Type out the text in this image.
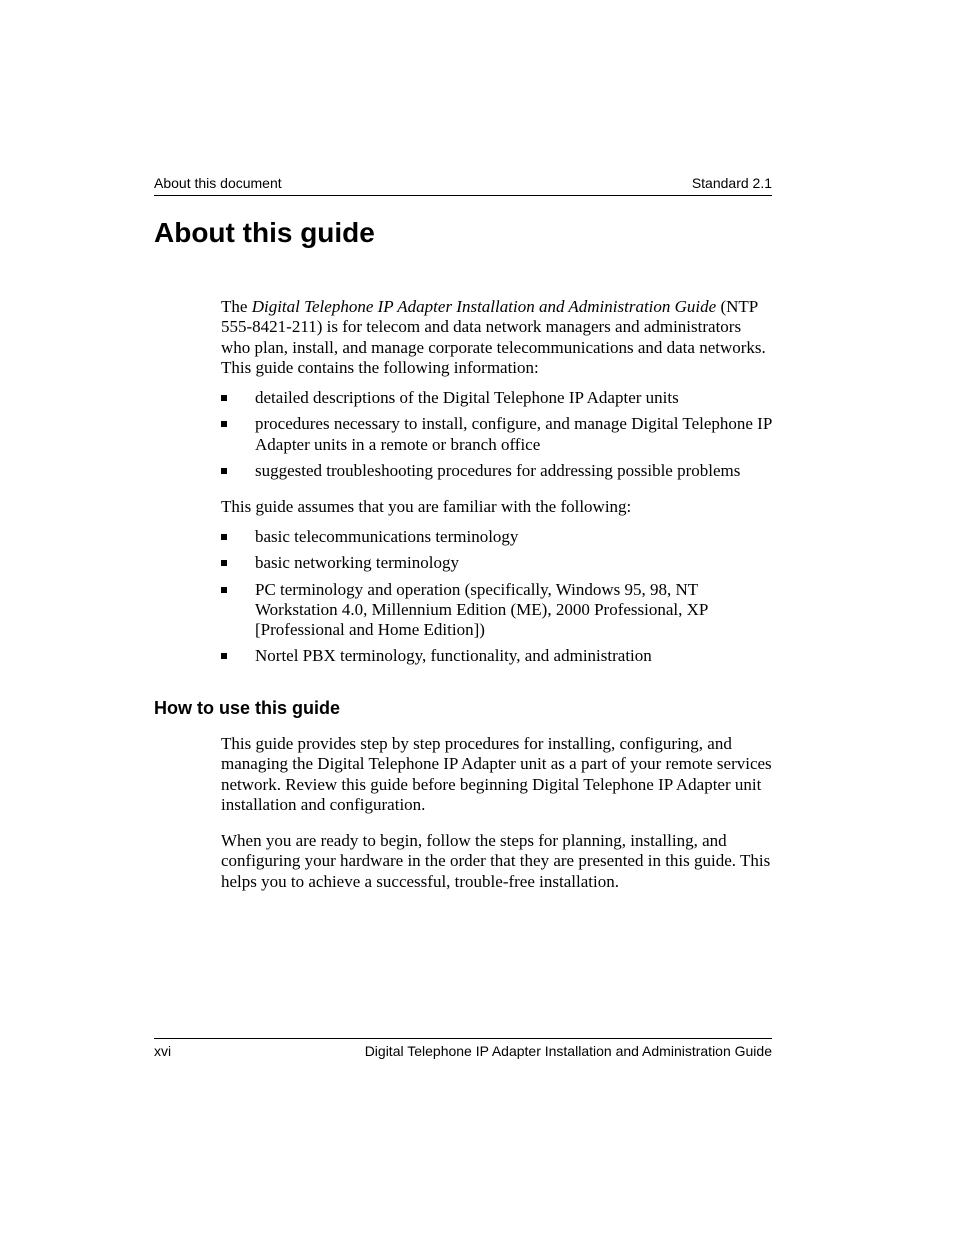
About this document	Standard 2.1
About this guide

The Digital Telephone IP Adapter Installation and Administration Guide (NTP 555-8421-211) is for telecom and data network managers and administrators who plan, install, and manage corporate telecommunications and data networks. This guide contains the following information:

detailed descriptions of the Digital Telephone IP Adapter units
procedures necessary to install, configure, and manage Digital Telephone IP Adapter units in a remote or branch office
suggested troubleshooting procedures for addressing possible problems

This guide assumes that you are familiar with the following:

basic telecommunications terminology
basic networking terminology
PC terminology and operation (specifically, Windows 95, 98, NT Workstation 4.0, Millennium Edition (ME), 2000 Professional, XP [Professional and Home Edition])
Nortel PBX terminology, functionality, and administration
How to use this guide

This guide provides step by step procedures for installing, configuring, and managing the Digital Telephone IP Adapter unit as a part of your remote services network. Review this guide before beginning Digital Telephone IP Adapter unit installation and configuration.

When you are ready to begin, follow the steps for planning, installing, and configuring your hardware in the order that they are presented in this guide. This helps you to achieve a successful, trouble-free installation.

xvi	Digital Telephone IP Adapter Installation and Administration Guide
